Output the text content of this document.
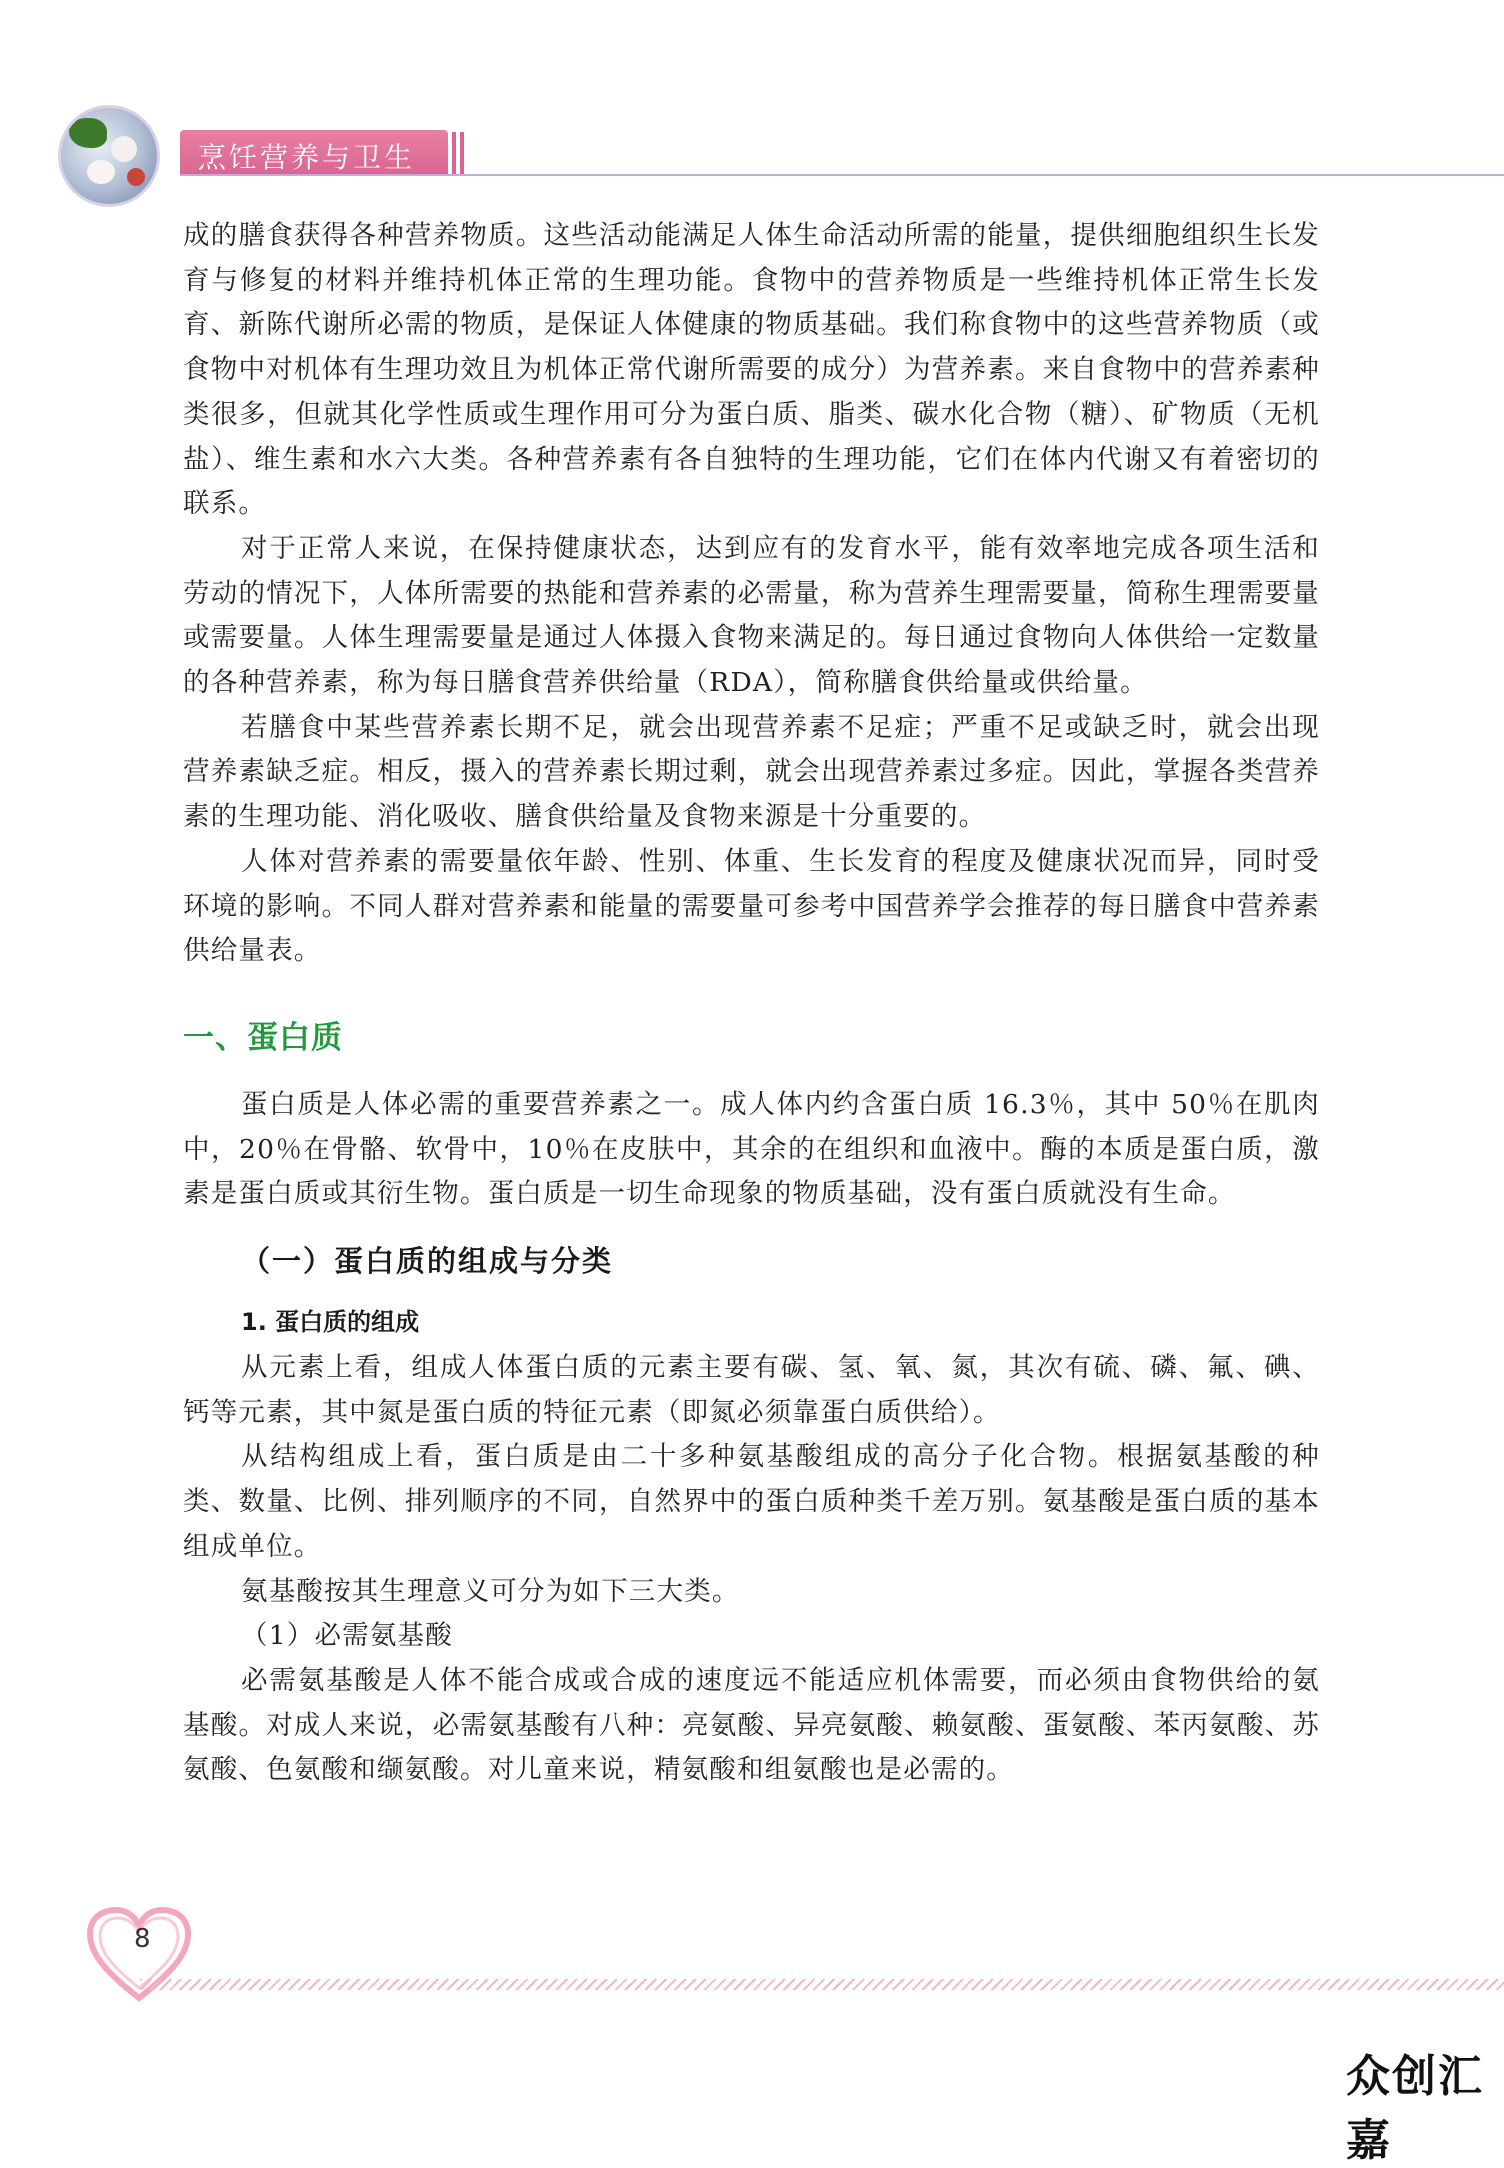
烹饪营养与卫生

成的膳食获得各种营养物质。这些活动能满足人体生命活动所需的能量，提供细胞组织生长发育与修复的材料并维持机体正常的生理功能。食物中的营养物质是一些维持机体正常生长发育、新陈代谢所必需的物质，是保证人体健康的物质基础。我们称食物中的这些营养物质（或食物中对机体有生理功效且为机体正常代谢所需要的成分）为营养素。来自食物中的营养素种类很多，但就其化学性质或生理作用可分为蛋白质、脂类、碳水化合物（糖）、矿物质（无机盐）、维生素和水六大类。各种营养素有各自独特的生理功能，它们在体内代谢又有着密切的联系。

对于正常人来说，在保持健康状态，达到应有的发育水平，能有效率地完成各项生活和劳动的情况下，人体所需要的热能和营养素的必需量，称为营养生理需要量，简称生理需要量或需要量。人体生理需要量是通过人体摄入食物来满足的。每日通过食物向人体供给一定数量的各种营养素，称为每日膳食营养供给量（RDA），简称膳食供给量或供给量。

若膳食中某些营养素长期不足，就会出现营养素不足症；严重不足或缺乏时，就会出现营养素缺乏症。相反，摄入的营养素长期过剩，就会出现营养素过多症。因此，掌握各类营养素的生理功能、消化吸收、膳食供给量及食物来源是十分重要的。

人体对营养素的需要量依年龄、性别、体重、生长发育的程度及健康状况而异，同时受环境的影响。不同人群对营养素和能量的需要量可参考中国营养学会推荐的每日膳食中营养素供给量表。

一、蛋白质

蛋白质是人体必需的重要营养素之一。成人体内约含蛋白质 16.3％，其中 50％在肌肉中，20％在骨骼、软骨中，10％在皮肤中，其余的在组织和血液中。酶的本质是蛋白质，激素是蛋白质或其衍生物。蛋白质是一切生命现象的物质基础，没有蛋白质就没有生命。

（一）蛋白质的组成与分类
1. 蛋白质的组成

从元素上看，组成人体蛋白质的元素主要有碳、氢、氧、氮，其次有硫、磷、氟、碘、钙等元素，其中氮是蛋白质的特征元素（即氮必须靠蛋白质供给）。

从结构组成上看，蛋白质是由二十多种氨基酸组成的高分子化合物。根据氨基酸的种类、数量、比例、排列顺序的不同，自然界中的蛋白质种类千差万别。氨基酸是蛋白质的基本组成单位。

氨基酸按其生理意义可分为如下三大类。

（1）必需氨基酸

必需氨基酸是人体不能合成或合成的速度远不能适应机体需要，而必须由食物供给的氨基酸。对成人来说，必需氨基酸有八种：亮氨酸、异亮氨酸、赖氨酸、蛋氨酸、苯丙氨酸、苏氨酸、色氨酸和缬氨酸。对儿童来说，精氨酸和组氨酸也是必需的。

8
众创汇嘉
